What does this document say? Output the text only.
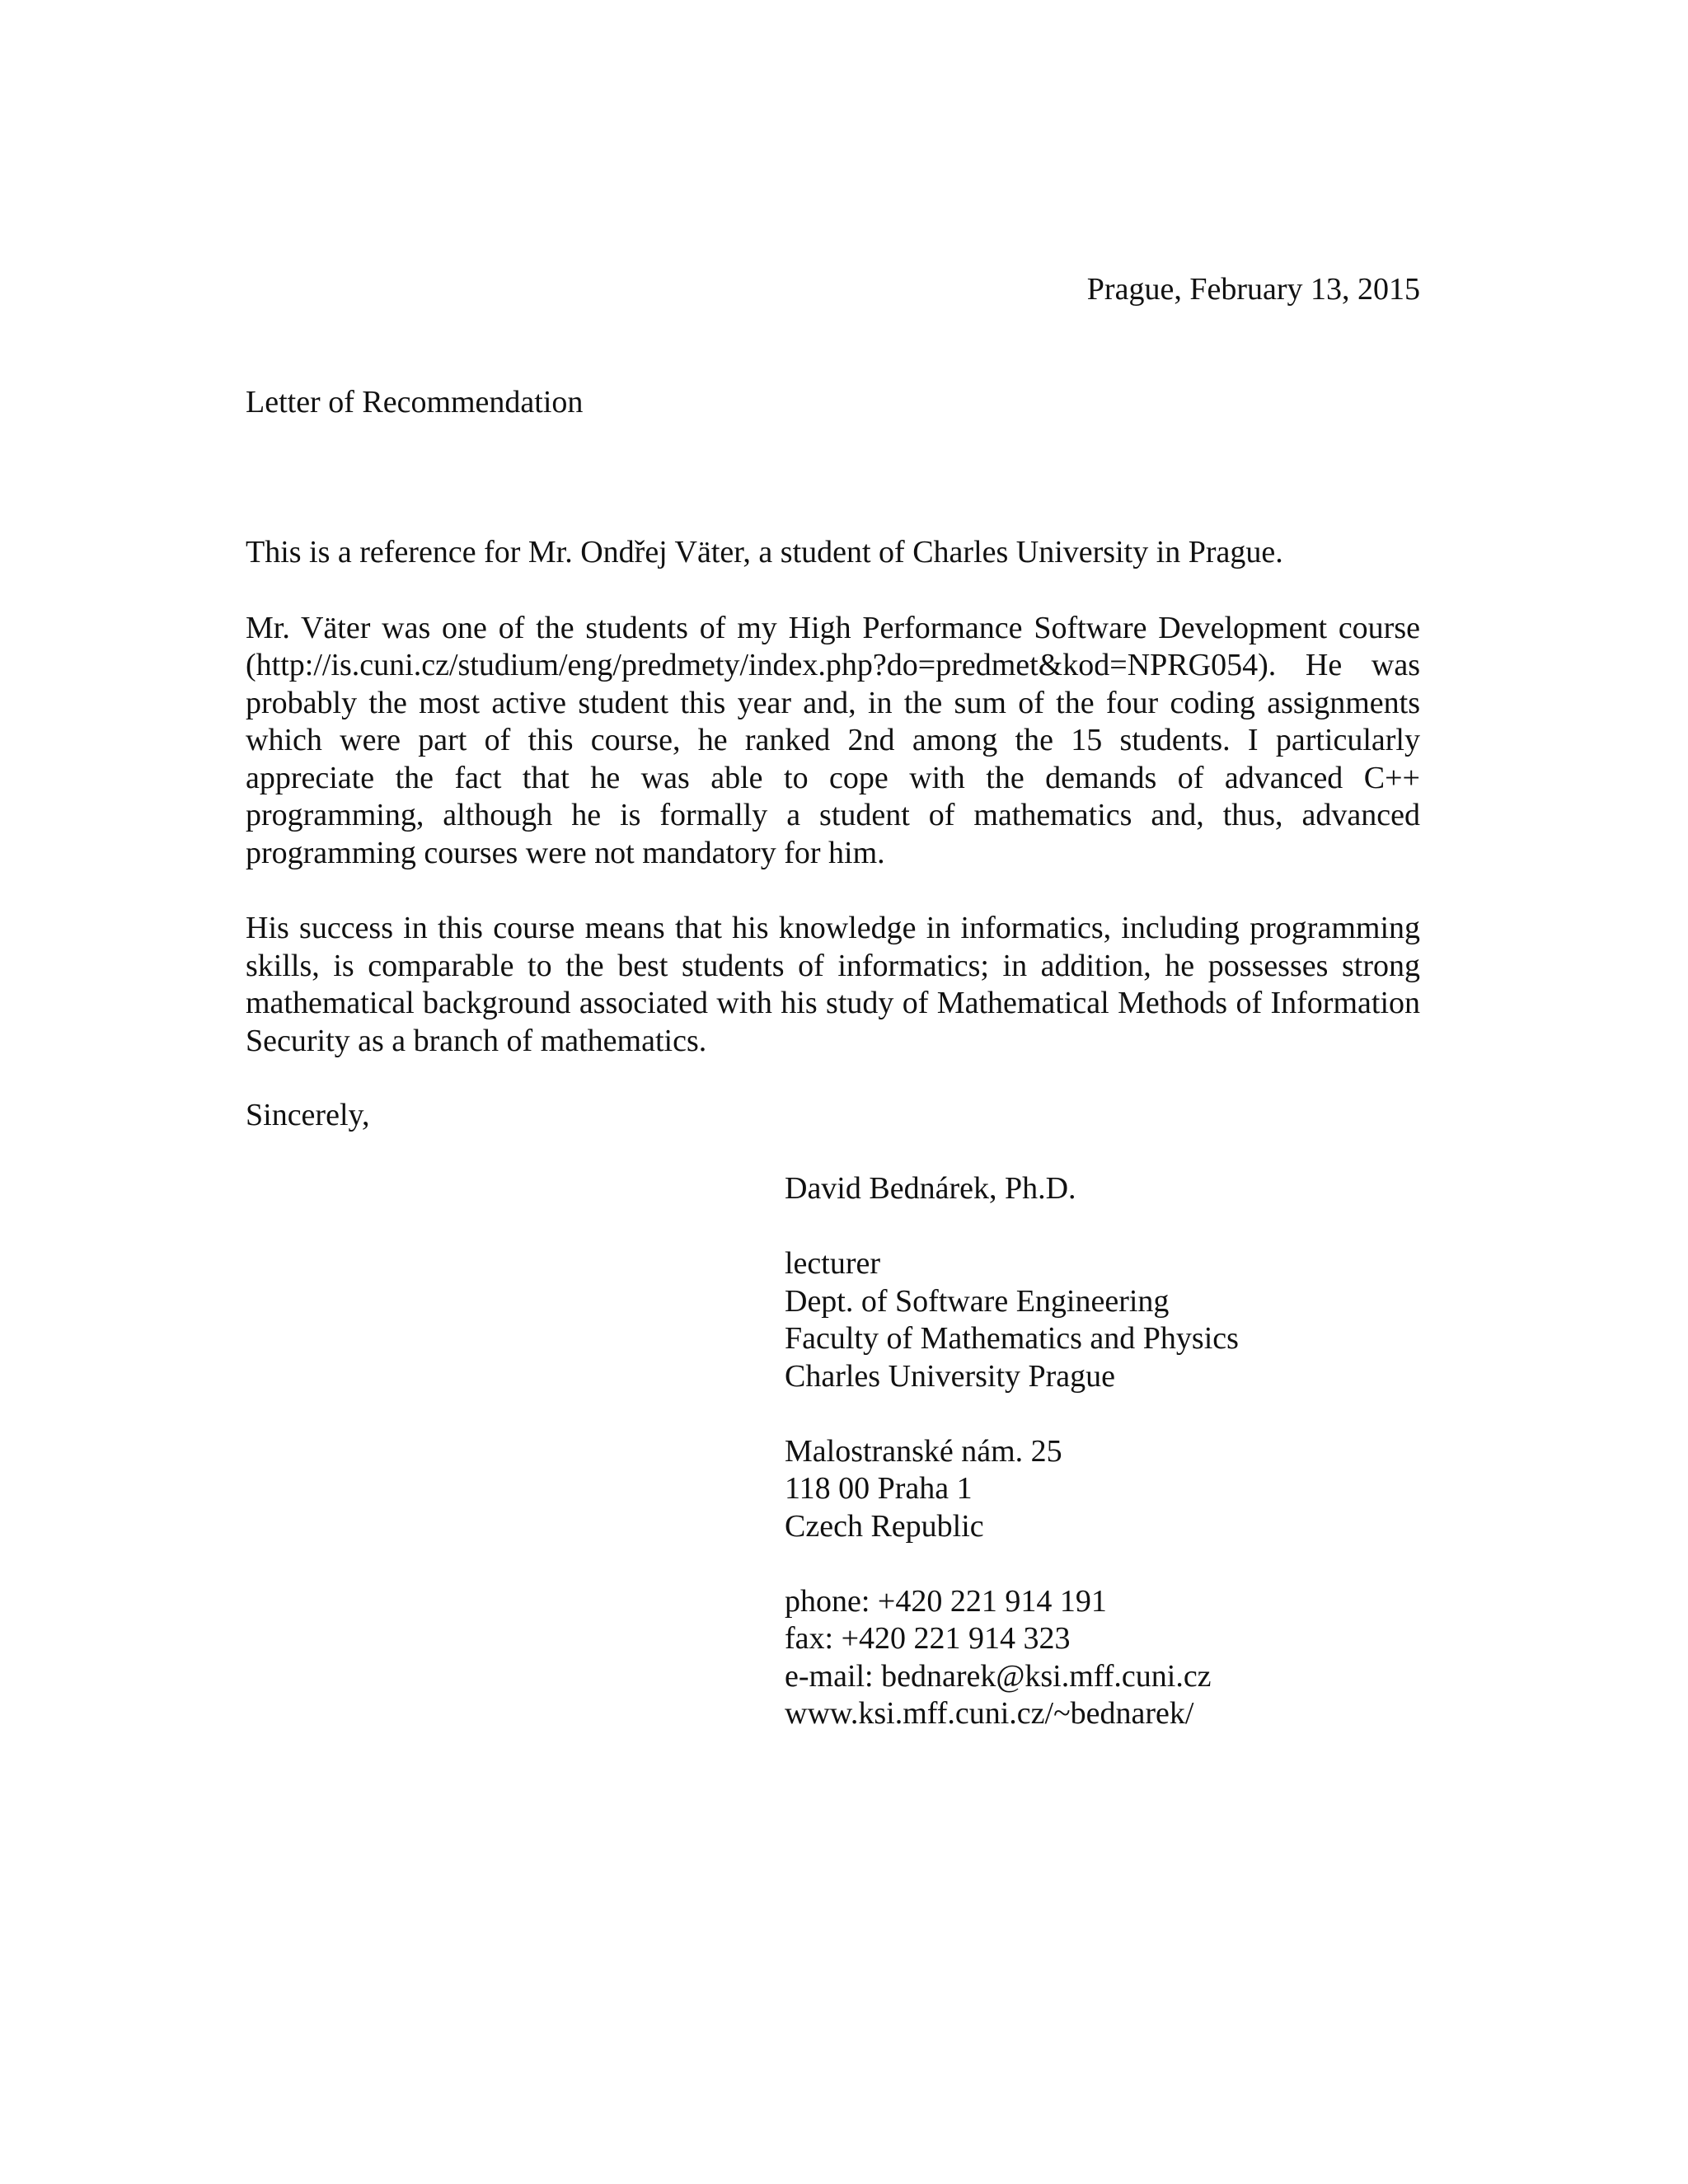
Prague, February 13, 2015
Letter of Recommendation

This is a reference for Mr. Ondřej Väter, a student of Charles University in Prague.

Mr. Väter was one of the students of my High Performance Software Development course (http://is.cuni.cz/studium/eng/predmety/index.php?do=predmet&kod=NPRG054). He was probably the most active student this year and, in the sum of the four coding assignments which were part of this course, he ranked 2nd among the 15 students. I particularly appreciate the fact that he was able to cope with the demands of advanced C++ programming, although he is formally a student of mathematics and, thus, advanced programming courses were not mandatory for him.

His success in this course means that his knowledge in informatics, including programming skills, is comparable to the best students of informatics; in addition, he possesses strong mathematical background associated with his study of Mathematical Methods of Information Security as a branch of mathematics.

Sincerely,
David Bednárek, Ph.D.
lecturer
Dept. of Software Engineering
Faculty of Mathematics and Physics
Charles University Prague
Malostranské nám. 25
118 00 Praha 1
Czech Republic
phone: +420 221 914 191
fax: +420 221 914 323
e-mail: bednarek@ksi.mff.cuni.cz
www.ksi.mff.cuni.cz/~bednarek/
